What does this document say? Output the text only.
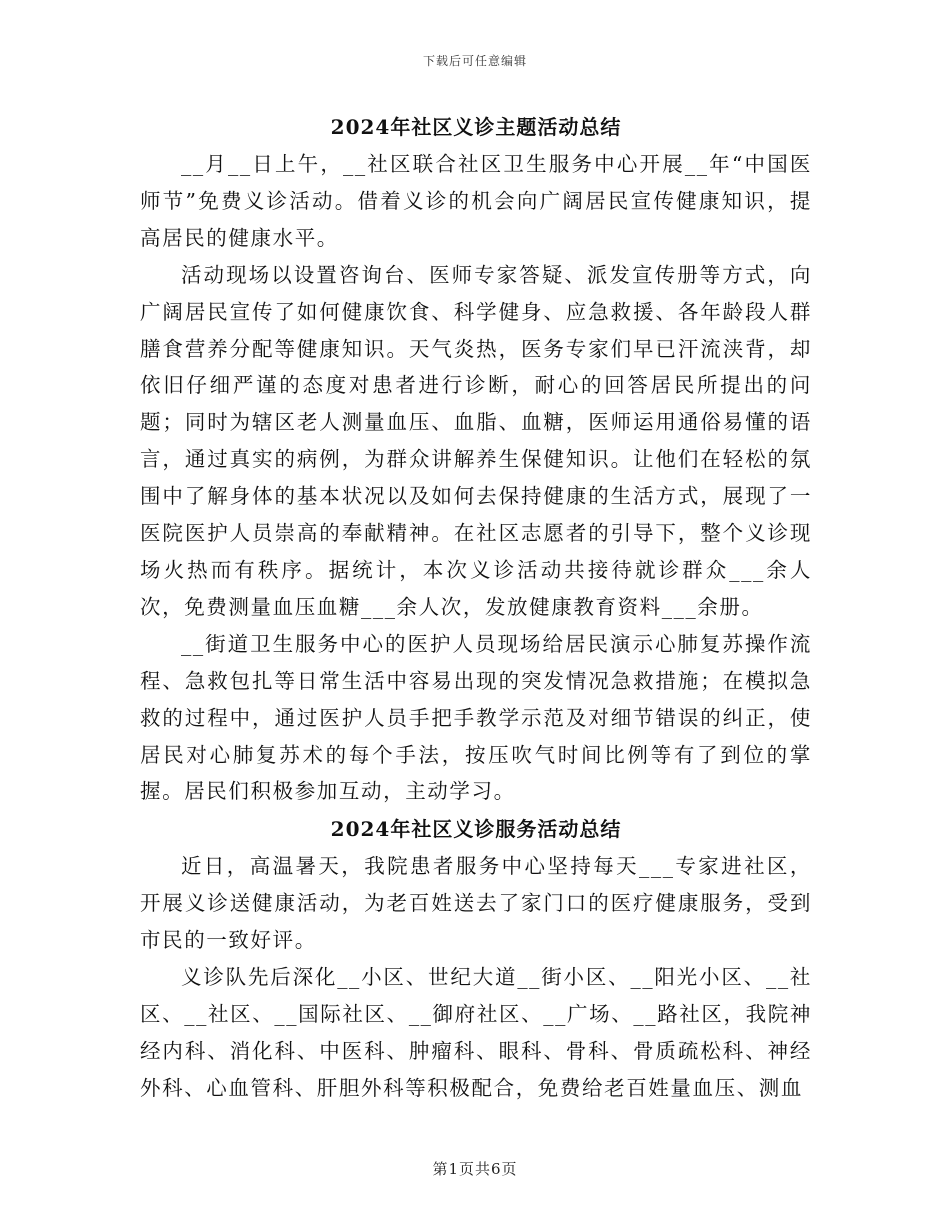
下载后可任意编辑
2024年社区义诊主题活动总结

__月__日上午，__社区联合社区卫生服务中心开展__年“中国医师节”免费义诊活动。借着义诊的机会向广阔居民宣传健康知识，提高居民的健康水平。

活动现场以设置咨询台、医师专家答疑、派发宣传册等方式，向广阔居民宣传了如何健康饮食、科学健身、应急救援、各年龄段人群膳食营养分配等健康知识。天气炎热，医务专家们早已汗流浃背，却依旧仔细严谨的态度对患者进行诊断，耐心的回答居民所提出的问题；同时为辖区老人测量血压、血脂、血糖，医师运用通俗易懂的语言，通过真实的病例，为群众讲解养生保健知识。让他们在轻松的氛围中了解身体的基本状况以及如何去保持健康的生活方式，展现了一医院医护人员崇高的奉献精神。在社区志愿者的引导下，整个义诊现场火热而有秩序。据统计，本次义诊活动共接待就诊群众___余人次，免费测量血压血糖___余人次，发放健康教育资料___余册。

__街道卫生服务中心的医护人员现场给居民演示心肺复苏操作流程、急救包扎等日常生活中容易出现的突发情况急救措施；在模拟急救的过程中，通过医护人员手把手教学示范及对细节错误的纠正，使居民对心肺复苏术的每个手法，按压吹气时间比例等有了到位的掌握。居民们积极参加互动，主动学习。

2024年社区义诊服务活动总结

近日，高温暑天，我院患者服务中心坚持每天___专家进社区，开展义诊送健康活动，为老百姓送去了家门口的医疗健康服务，受到市民的一致好评。

义诊队先后深化__小区、世纪大道__街小区、__阳光小区、__社区、__社区、__国际社区、__御府社区、__广场、__路社区，我院神经内科、消化科、中医科、肿瘤科、眼科、骨科、骨质疏松科、神经外科、心血管科、肝胆外科等积极配合，免费给老百姓量血压、测血

第1页共6页
